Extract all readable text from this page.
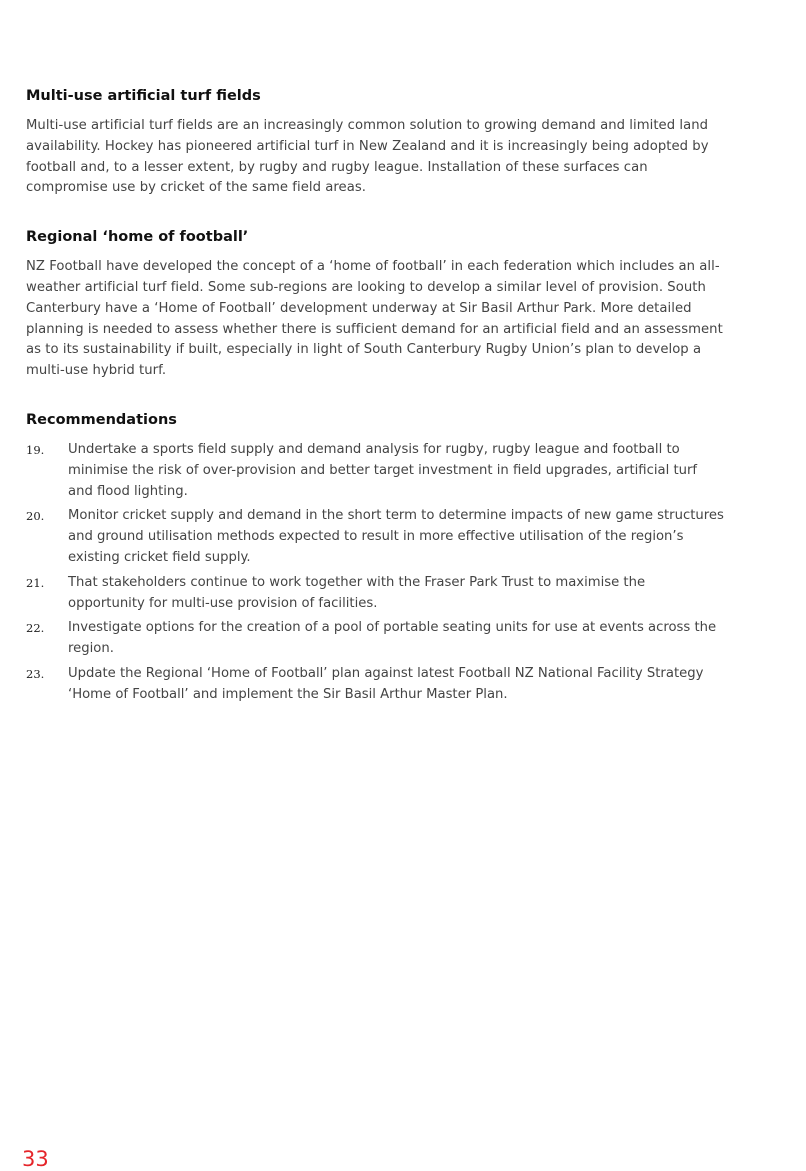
Multi-use artificial turf fields

Multi-use artificial turf fields are an increasingly common solution to growing demand and limited land availability. Hockey has pioneered artificial turf in New Zealand and it is increasingly being adopted by football and, to a lesser extent, by rugby and rugby league. Installation of these surfaces can compromise use by cricket of the same field areas.

Regional ‘home of football’

NZ Football have developed the concept of a ‘home of football’ in each federation which includes an all-weather artificial turf field. Some sub-regions are looking to develop a similar level of provision. South Canterbury have a ‘Home of Football’ development underway at Sir Basil Arthur Park. More detailed planning is needed to assess whether there is sufficient demand for an artificial field and an assessment as to its sustainability if built, especially in light of South Canterbury Rugby Union’s plan to develop a multi-use hybrid turf.

Recommendations
19.	Undertake a sports field supply and demand analysis for rugby, rugby league and football to minimise the risk of over-provision and better target investment in field upgrades, artificial turf and flood lighting.
20.	Monitor cricket supply and demand in the short term to determine impacts of new game structures and ground utilisation methods expected to result in more effective utilisation of the region’s existing cricket field supply.
21.	That stakeholders continue to work together with the Fraser Park Trust to maximise the opportunity for multi-use provision of facilities.
22.	Investigate options for the creation of a pool of portable seating units for use at events across the region.
23.	Update the Regional ‘Home of Football’ plan against latest Football NZ National Facility Strategy ‘Home of Football’ and implement the Sir Basil Arthur Master Plan.
33
